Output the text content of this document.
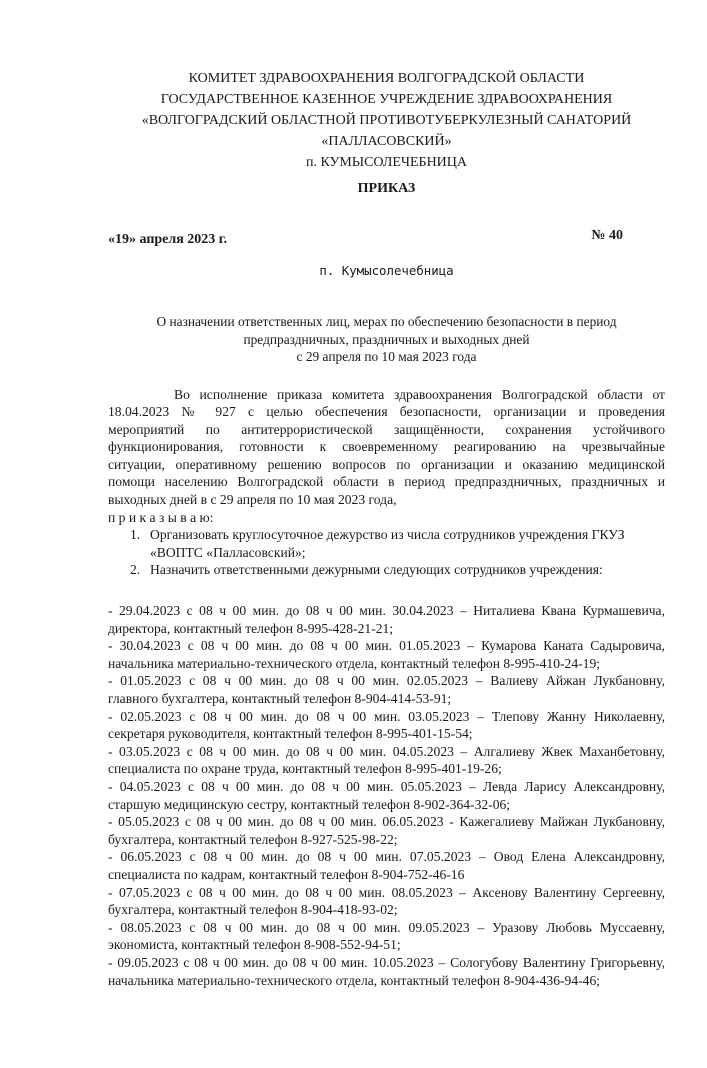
КОМИТЕТ ЗДРАВООХРАНЕНИЯ ВОЛГОГРАДСКОЙ ОБЛАСТИ
ГОСУДАРСТВЕННОЕ КАЗЕННОЕ УЧРЕЖДЕНИЕ ЗДРАВООХРАНЕНИЯ
«ВОЛГОГРАДСКИЙ ОБЛАСТНОЙ ПРОТИВОТУБЕРКУЛЕЗНЫЙ САНАТОРИЙ
«ПАЛЛАСОВСКИЙ»
п. КУМЫСОЛЕЧЕБНИЦА
ПРИКАЗ
«19» апреля 2023 г.	№ 40
п. Кумысолечебница
О назначении ответственных лиц, мерах по обеспечению безопасности в период
предпраздничных, праздничных и выходных дней
с 29 апреля по 10 мая 2023 года
Во исполнение приказа комитета здравоохранения Волгоградской области от
18.04.2023 № 927 с целью обеспечения безопасности, организации и проведения
мероприятий по антитеррористической защищённости, сохранения устойчивого
функционирования, готовности к своевременному реагированию на чрезвычайные
ситуации, оперативному решению вопросов по организации и оказанию медицинской
помощи населению Волгоградской области в период предпраздничных, праздничных и
выходных дней в с 29 апреля по 10 мая 2023 года,
п р и к а з ы в а ю:
1. Организовать круглосуточное дежурство из числа сотрудников учреждения ГКУЗ
«ВОПТС «Палласовский»;
2. Назначить ответственными дежурными следующих сотрудников учреждения:
- 29.04.2023 с 08 ч 00 мин. до 08 ч 00 мин. 30.04.2023 – Ниталиева Квана Курмашевича,
директора, контактный телефон 8-995-428-21-21;
- 30.04.2023 с 08 ч 00 мин. до 08 ч 00 мин. 01.05.2023 – Кумарова Каната Садыровича,
начальника материально-технического отдела, контактный телефон 8-995-410-24-19;
- 01.05.2023 с 08 ч 00 мин. до 08 ч 00 мин. 02.05.2023 – Валиеву Айжан Лукбановну,
главного бухгалтера, контактный телефон 8-904-414-53-91;
- 02.05.2023 с 08 ч 00 мин. до 08 ч 00 мин. 03.05.2023 – Тлепову Жанну Николаевну,
секретаря руководителя, контактный телефон 8-995-401-15-54;
- 03.05.2023 с 08 ч 00 мин. до 08 ч 00 мин. 04.05.2023 – Алгалиеву Жвек Маханбетовну,
специалиста по охране труда, контактный телефон 8-995-401-19-26;
- 04.05.2023 с 08 ч 00 мин. до 08 ч 00 мин. 05.05.2023 – Левда Ларису Александровну,
старшую медицинскую сестру, контактный телефон 8-902-364-32-06;
- 05.05.2023 с 08 ч 00 мин. до 08 ч 00 мин. 06.05.2023 - Кажегалиеву Майжан Лукбановну,
бухгалтера, контактный телефон 8-927-525-98-22;
- 06.05.2023 с 08 ч 00 мин. до 08 ч 00 мин. 07.05.2023 – Овод Елена Александровну,
специалиста по кадрам, контактный телефон 8-904-752-46-16
- 07.05.2023 с 08 ч 00 мин. до 08 ч 00 мин. 08.05.2023 – Аксенову Валентину Сергеевну,
бухгалтера, контактный телефон 8-904-418-93-02;
- 08.05.2023 с 08 ч 00 мин. до 08 ч 00 мин. 09.05.2023 – Уразову Любовь Муссаевну,
экономиста, контактный телефон 8-908-552-94-51;
- 09.05.2023 с 08 ч 00 мин. до 08 ч 00 мин. 10.05.2023 – Сологубову Валентину Григорьевну,
начальника материально-технического отдела, контактный телефон 8-904-436-94-46;
